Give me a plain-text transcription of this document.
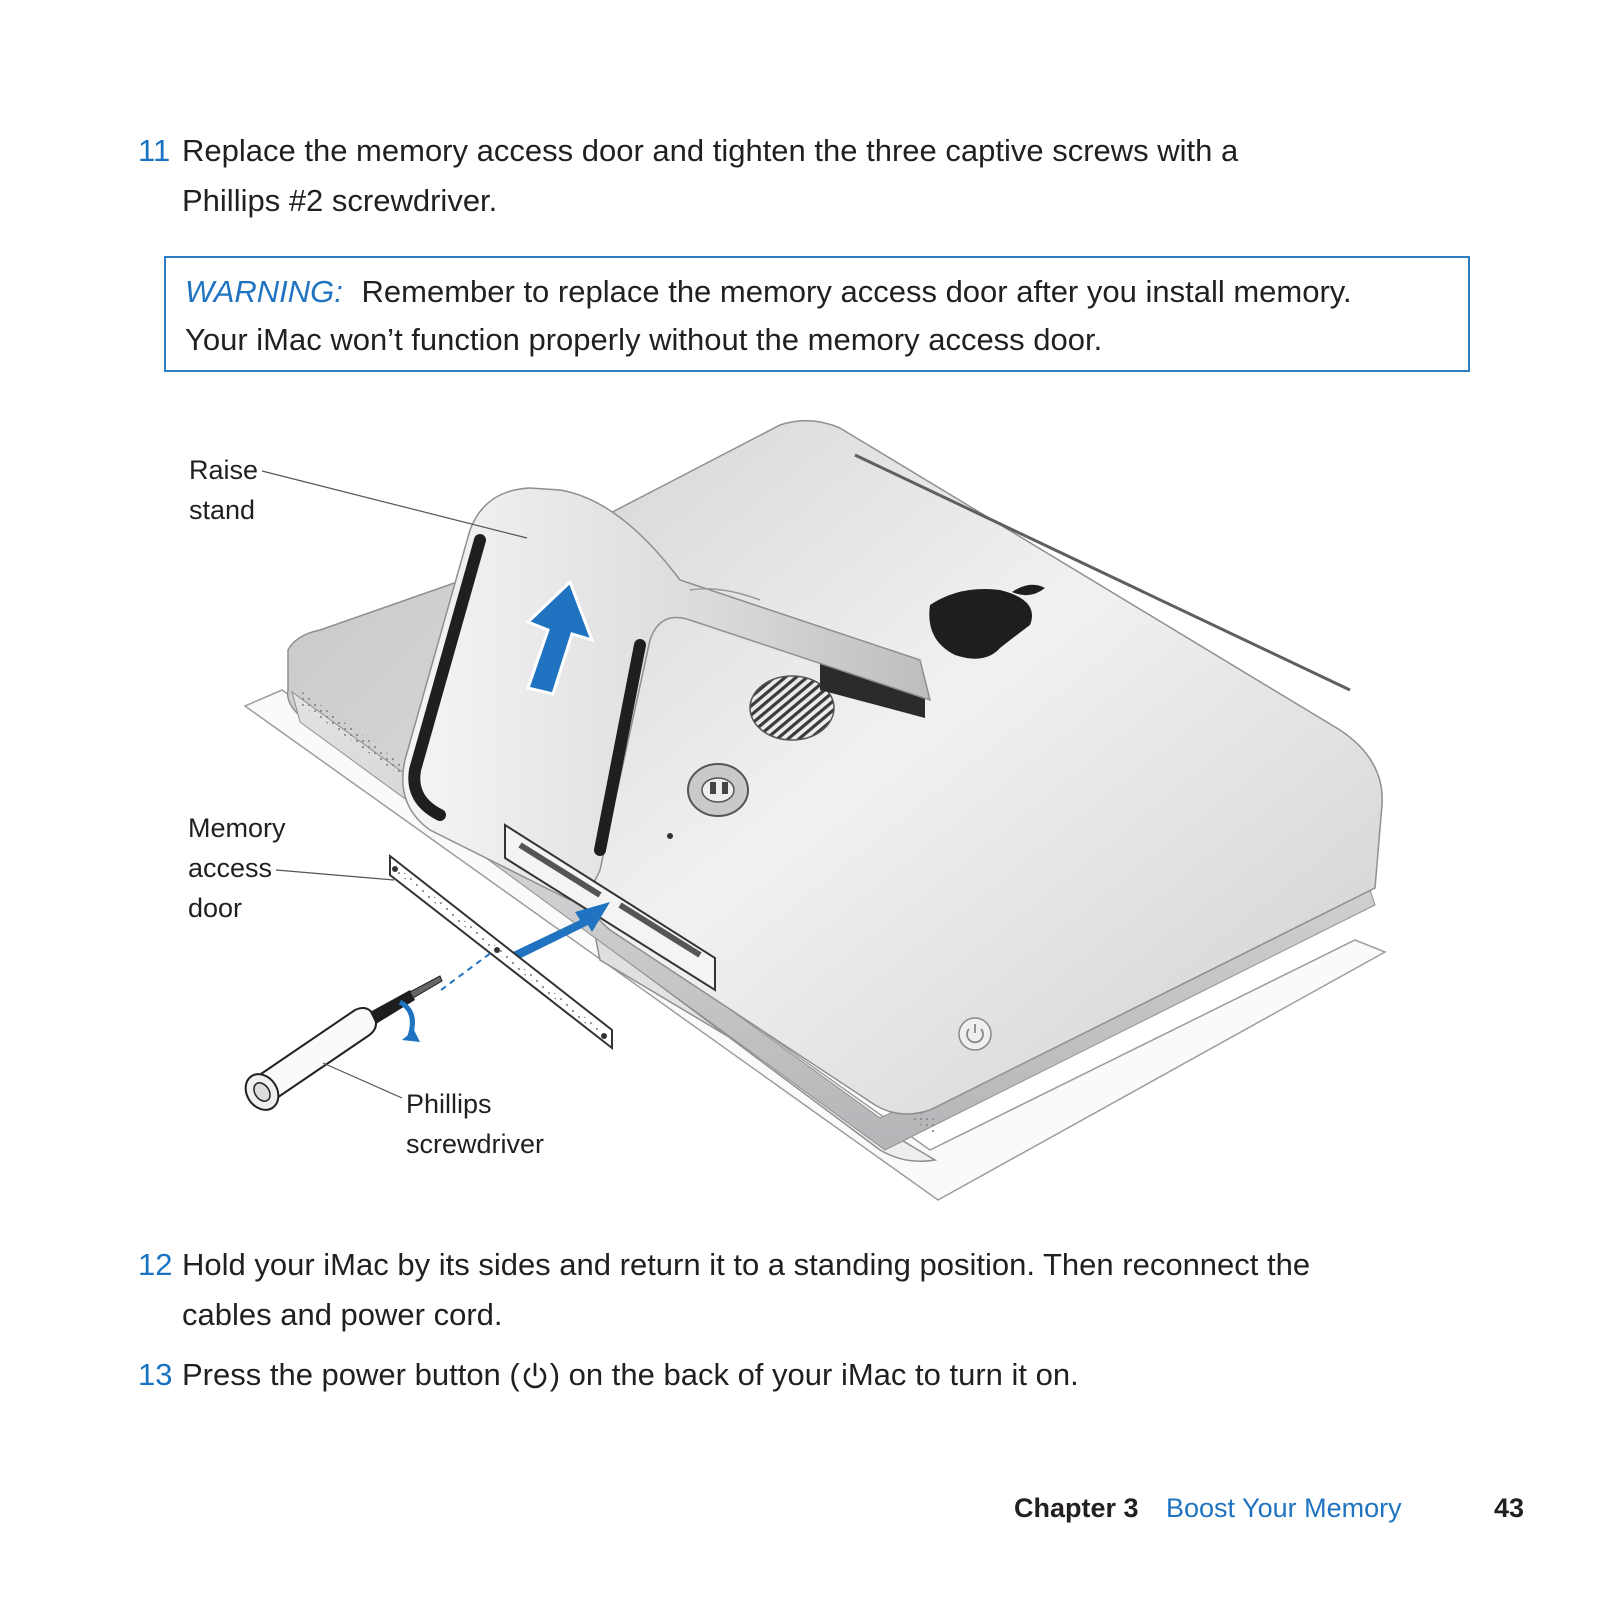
11 Replace the memory access door and tighten the three captive screws with a
Phillips #2 screwdriver.
WARNING: Remember to replace the memory access door after you install memory.
Your iMac won’t function properly without the memory access door.
Raise
stand
Memory
access
door
Phillips
screwdriver
12 Hold your iMac by its sides and return it to a standing position. Then reconnect the
cables and power cord.
13 Press the power button ( ) on the back of your iMac to turn it on.
Chapter 3 Boost Your Memory	43
